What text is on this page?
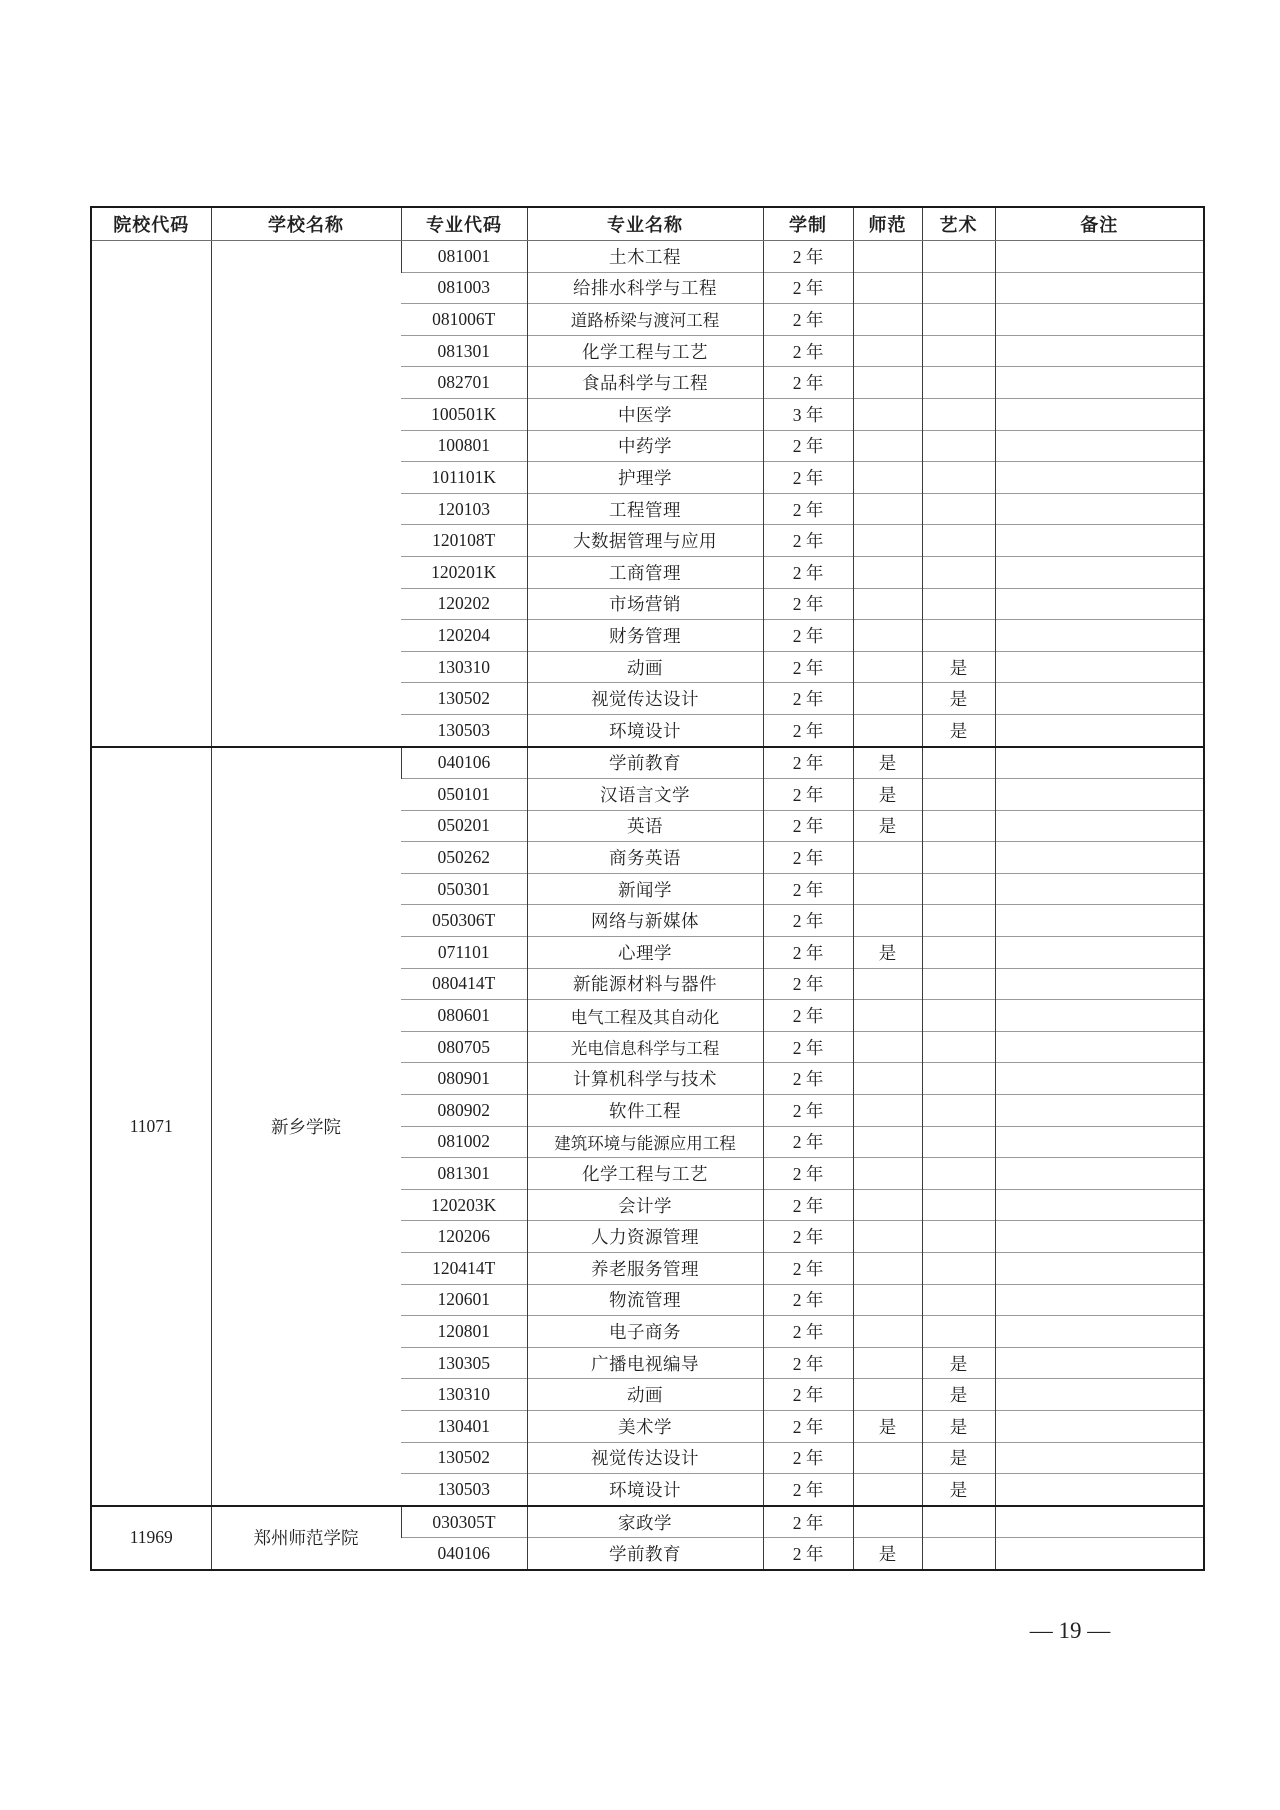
院校代码	学校名称	专业代码	专业名称	学制	师范	艺术	备注
		081001	土木工程	2 年			
		081003	给排水科学与工程	2 年			
		081006T	道路桥梁与渡河工程	2 年			
		081301	化学工程与工艺	2 年			
		082701	食品科学与工程	2 年			
		100501K	中医学	3 年			
		100801	中药学	2 年			
		101101K	护理学	2 年			
		120103	工程管理	2 年			
		120108T	大数据管理与应用	2 年			
		120201K	工商管理	2 年			
		120202	市场营销	2 年			
		120204	财务管理	2 年			
		130310	动画	2 年		是	
		130502	视觉传达设计	2 年		是	
		130503	环境设计	2 年		是	
11071	新乡学院	040106	学前教育	2 年	是		
		050101	汉语言文学	2 年	是		
		050201	英语	2 年	是		
		050262	商务英语	2 年			
		050301	新闻学	2 年			
		050306T	网络与新媒体	2 年			
		071101	心理学	2 年	是		
		080414T	新能源材料与器件	2 年			
		080601	电气工程及其自动化	2 年			
		080705	光电信息科学与工程	2 年			
		080901	计算机科学与技术	2 年			
		080902	软件工程	2 年			
		081002	建筑环境与能源应用工程	2 年			
		081301	化学工程与工艺	2 年			
		120203K	会计学	2 年			
		120206	人力资源管理	2 年			
		120414T	养老服务管理	2 年			
		120601	物流管理	2 年			
		120801	电子商务	2 年			
		130305	广播电视编导	2 年		是	
		130310	动画	2 年		是	
		130401	美术学	2 年	是	是	
		130502	视觉传达设计	2 年		是	
		130503	环境设计	2 年		是	
11969	郑州师范学院	030305T	家政学	2 年			
		040106	学前教育	2 年	是		
— 19 —
